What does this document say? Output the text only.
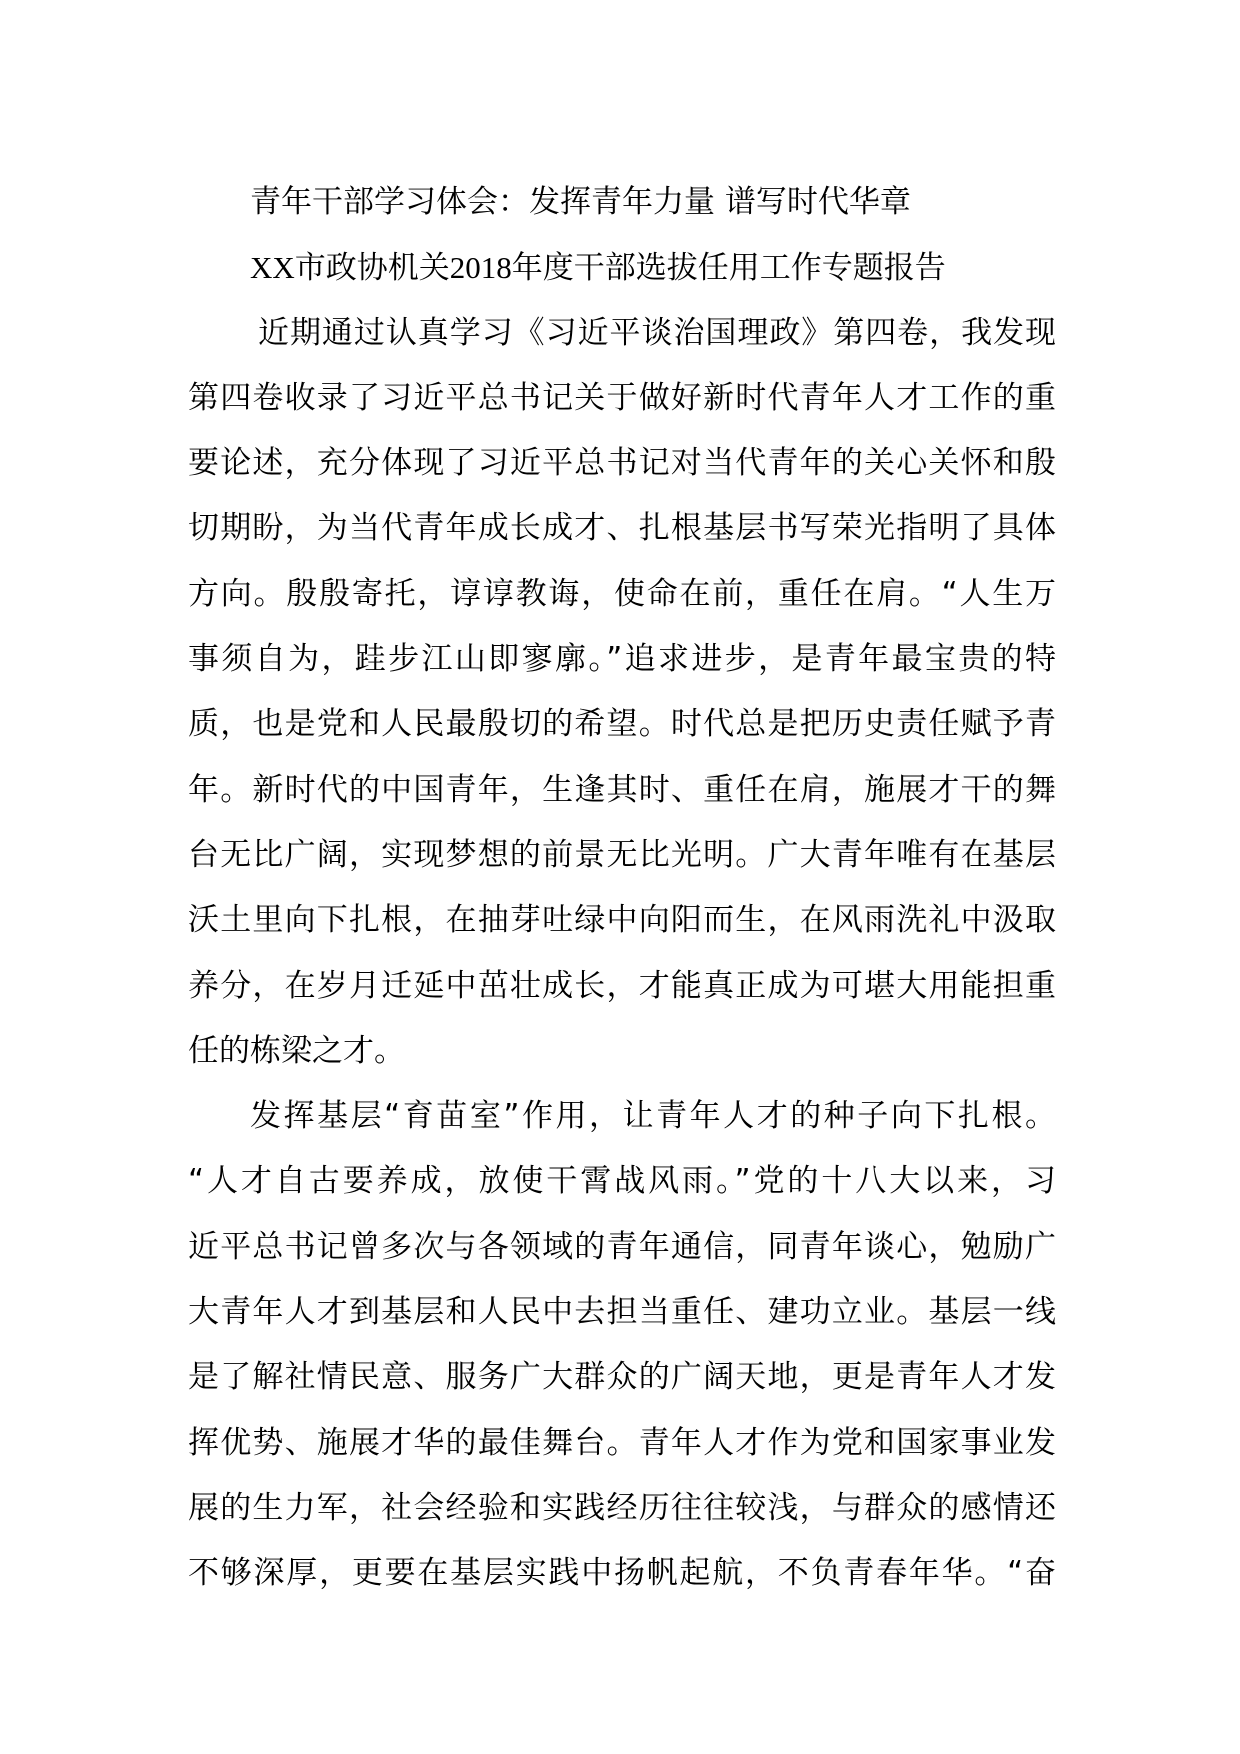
青年干部学习体会：发挥青年力量 谱写时代华章
XX市政协机关2018年度干部选拔任用工作专题报告
近期通过认真学习《习近平谈治国理政》第四卷，我发现
第四卷收录了习近平总书记关于做好新时代青年人才工作的重
要论述，充分体现了习近平总书记对当代青年的关心关怀和殷
切期盼，为当代青年成长成才、扎根基层书写荣光指明了具体
方向。殷殷寄托，谆谆教诲，使命在前，重任在肩。“人生万
事须自为，跬步江山即寥廓。”追求进步，是青年最宝贵的特
质，也是党和人民最殷切的希望。时代总是把历史责任赋予青
年。新时代的中国青年，生逢其时、重任在肩，施展才干的舞
台无比广阔，实现梦想的前景无比光明。广大青年唯有在基层
沃土里向下扎根，在抽芽吐绿中向阳而生，在风雨洗礼中汲取
养分，在岁月迁延中茁壮成长，才能真正成为可堪大用能担重
任的栋梁之才。
发挥基层“育苗室”作用，让青年人才的种子向下扎根。
“人才自古要养成，放使干霄战风雨。”党的十八大以来，习
近平总书记曾多次与各领域的青年通信，同青年谈心，勉励广
大青年人才到基层和人民中去担当重任、建功立业。基层一线
是了解社情民意、服务广大群众的广阔天地，更是青年人才发
挥优势、施展才华的最佳舞台。青年人才作为党和国家事业发
展的生力军，社会经验和实践经历往往较浅，与群众的感情还
不够深厚，更要在基层实践中扬帆起航，不负青春年华。“奋
